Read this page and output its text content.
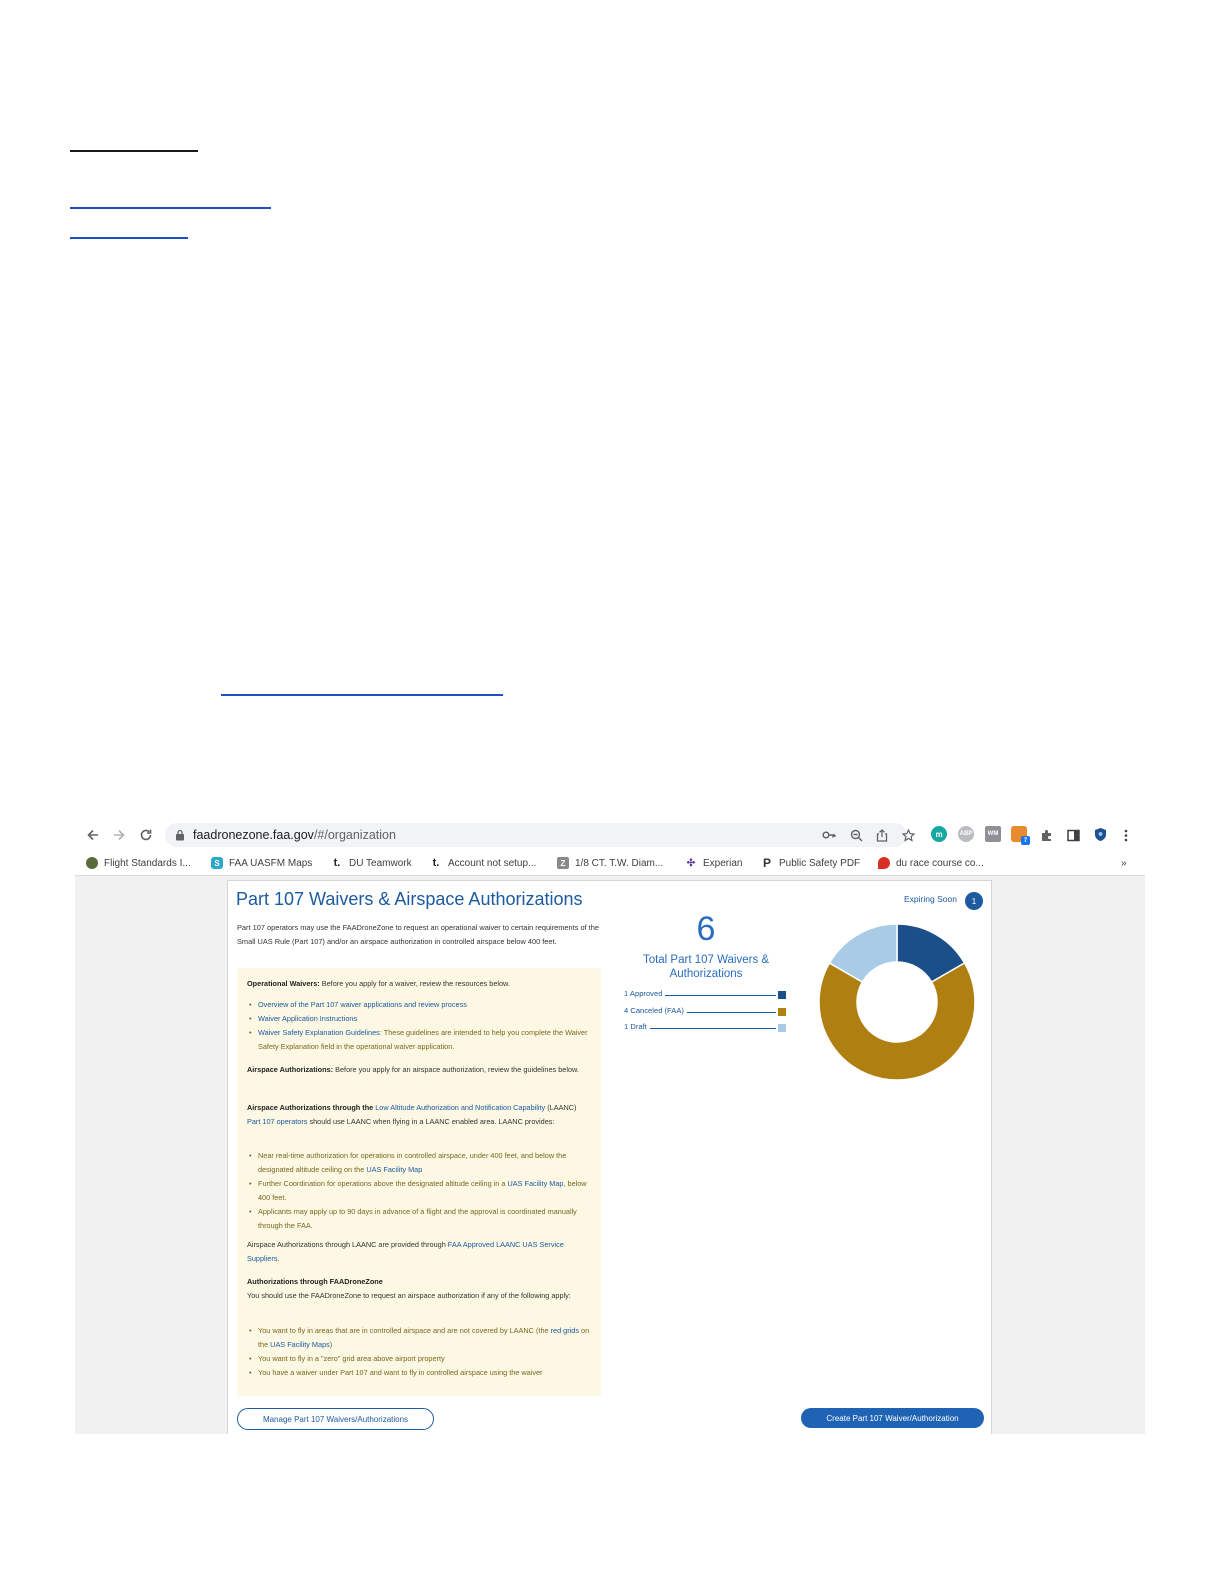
faadronezone.faa.gov/#/organization	m	ABP	WM
7
Flight Standards I...	S FAA UASFM Maps t. DU Teamwork t. Account not setup...	Z 1/8 CT. T.W. Diam... ✣ Experian P Public Safety PDF	du race course co...	»
Part 107 Waivers & Airspace Authorizations
Part 107 operators may use the FAADroneZone to request an operational waiver to certain requirements of the Small UAS Rule (Part 107) and/or an airspace authorization in controlled airspace below 400 feet.
Operational Waivers: Before you apply for a waiver, review the resources below.
• Overview of the Part 107 waiver applications and review process
• Waiver Application Instructions
• Waiver Safety Explanation Guidelines: These guidelines are intended to help you complete the Waiver Safety Explanation field in the operational waiver application.
Airspace Authorizations: Before you apply for an airspace authorization, review the guidelines below.
Airspace Authorizations through the Low Altitude Authorization and Notification Capability (LAANC)
Part 107 operators should use LAANC when flying in a LAANC enabled area. LAANC provides:
• Near real-time authorization for operations in controlled airspace, under 400 feet, and below the designated altitude ceiling on the UAS Facility Map
• Further Coordination for operations above the designated altitude ceiling in a UAS Facility Map, below 400 feet.
• Applicants may apply up to 90 days in advance of a flight and the approval is coordinated manually through the FAA.
Airspace Authorizations through LAANC are provided through FAA Approved LAANC UAS Service Suppliers.
Authorizations through FAADroneZone
You should use the FAADroneZone to request an airspace authorization if any of the following apply:
• You want to fly in areas that are in controlled airspace and are not covered by LAANC (the red grids on the UAS Facility Maps)
• You want to fly in a "zero" grid area above airport property
• You have a waiver under Part 107 and want to fly in controlled airspace using the waiver
Expiring Soon	1
6
Total Part 107 Waivers & Authorizations
1 Approved
4 Canceled (FAA)
1 Draft
Manage Part 107 Waivers/Authorizations	Create Part 107 Waiver/Authorization
